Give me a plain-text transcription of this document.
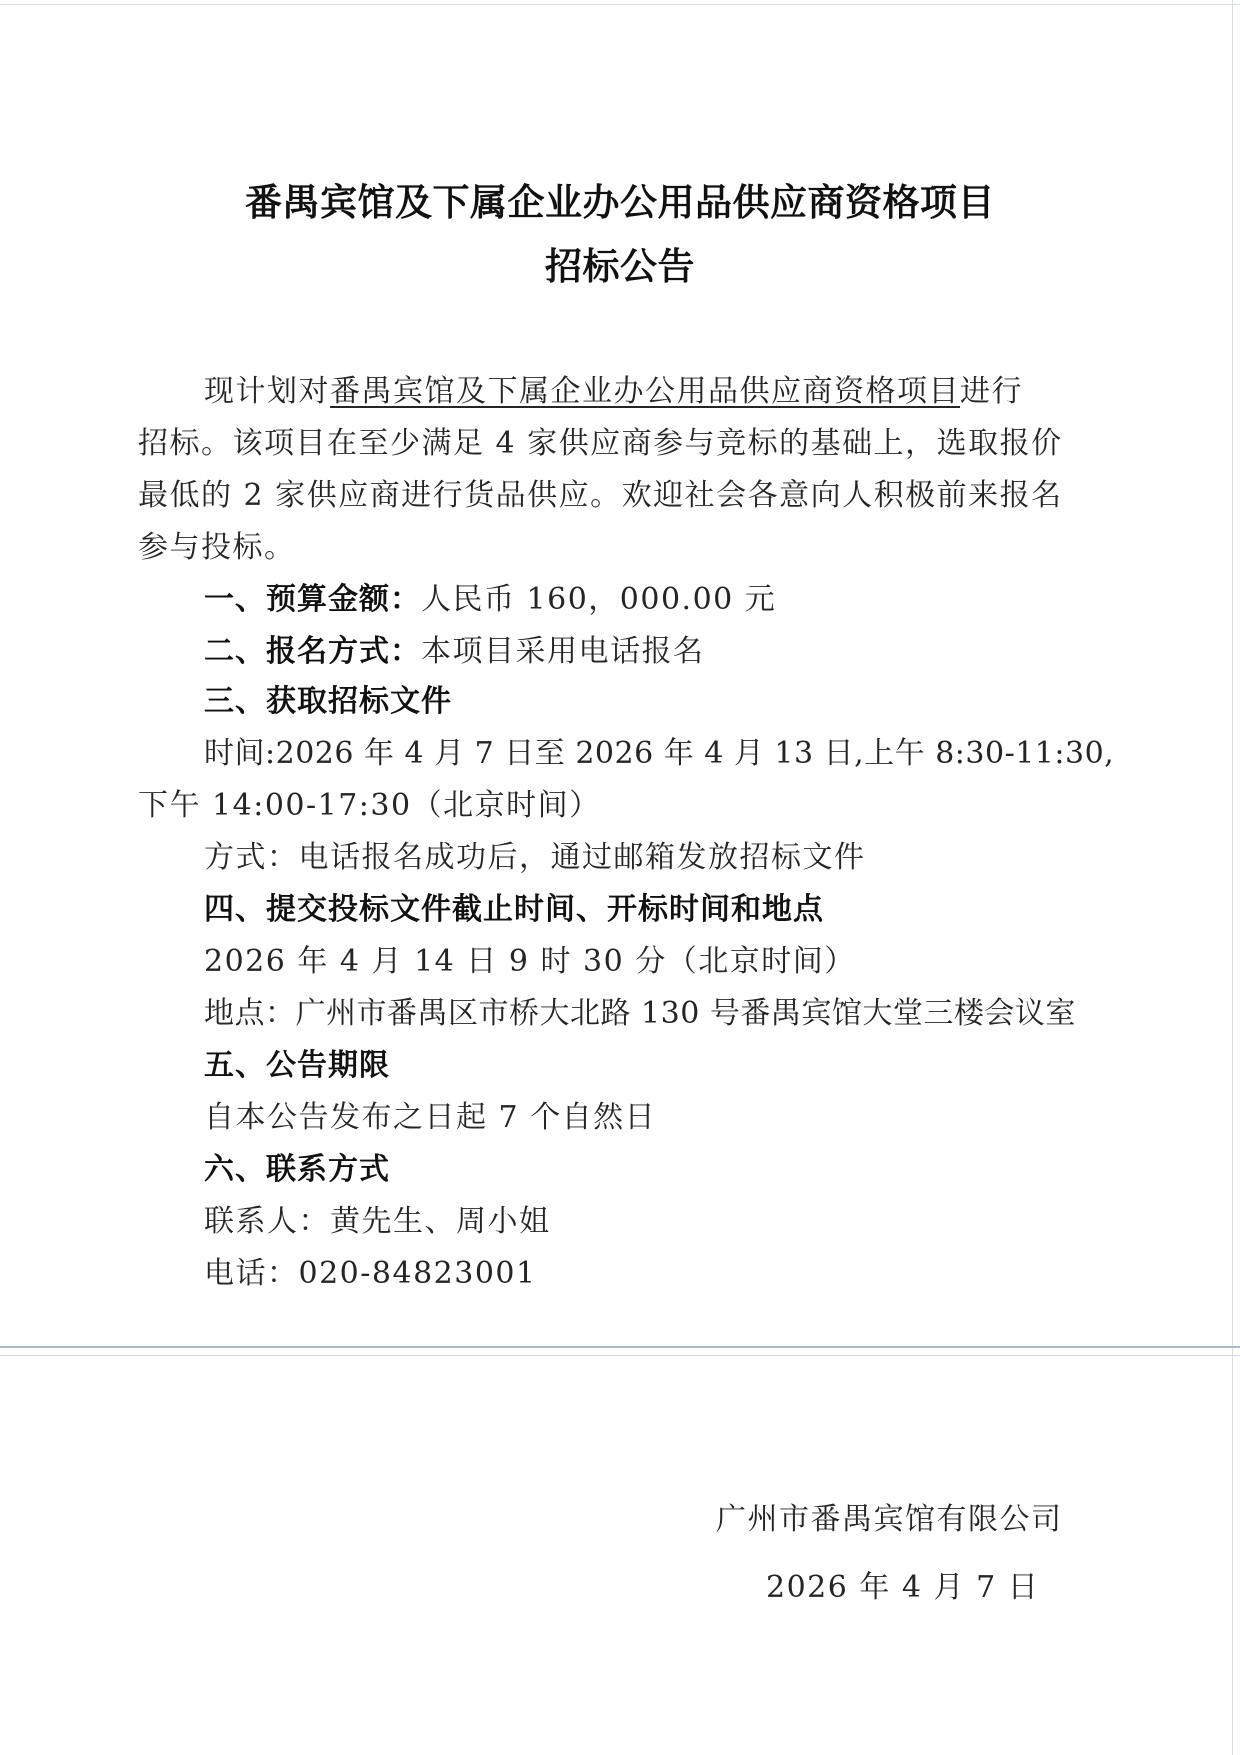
番禺宾馆及下属企业办公用品供应商资格项目
招标公告
现计划对番禺宾馆及下属企业办公用品供应商资格项目进行
招标。该项目在至少满足 4 家供应商参与竞标的基础上，选取报价
最低的 2 家供应商进行货品供应。欢迎社会各意向人积极前来报名
参与投标。
一、预算金额：人民币 160，000.00 元
二、报名方式：本项目采用电话报名
三、获取招标文件
时间:2026 年 4 月 7 日至 2026 年 4 月 13 日,上午 8:30-11:30,
下午 14:00-17:30（北京时间）
方式：电话报名成功后，通过邮箱发放招标文件
四、提交投标文件截止时间、开标时间和地点
2026 年 4 月 14 日 9 时 30 分（北京时间）
地点：广州市番禺区市桥大北路 130 号番禺宾馆大堂三楼会议室
五、公告期限
自本公告发布之日起 7 个自然日
六、联系方式
联系人：黄先生、周小姐
电话：020-84823001
广州市番禺宾馆有限公司
2026 年 4 月 7 日
